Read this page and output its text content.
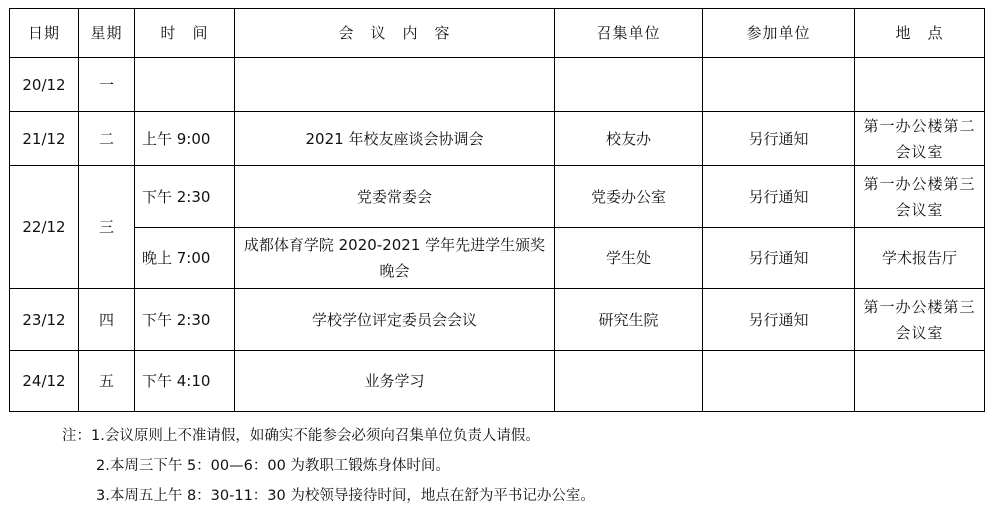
日期	星期	时　间	会　议　内　容	召集单位	参加单位	地　点
20/12	一					
21/12	二	上午 9:00	2021 年校友座谈会协调会	校友办	另行通知	第一办公楼第二会议室
22/12	三	下午 2:30	党委常委会	党委办公室	另行通知	第一办公楼第三会议室
		晚上 7:00	成都体育学院 2020-2021 学年先进学生颁奖晚会	学生处	另行通知	学术报告厅
23/12	四	下午 2:30	学校学位评定委员会会议	研究生院	另行通知	第一办公楼第三会议室
24/12	五	下午 4:10	业务学习			
注：1.会议原则上不准请假，如确实不能参会必须向召集单位负责人请假。
2.本周三下午 5：00—6：00 为教职工锻炼身体时间。
3.本周五上午 8：30-11：30 为校领导接待时间，地点在舒为平书记办公室。
